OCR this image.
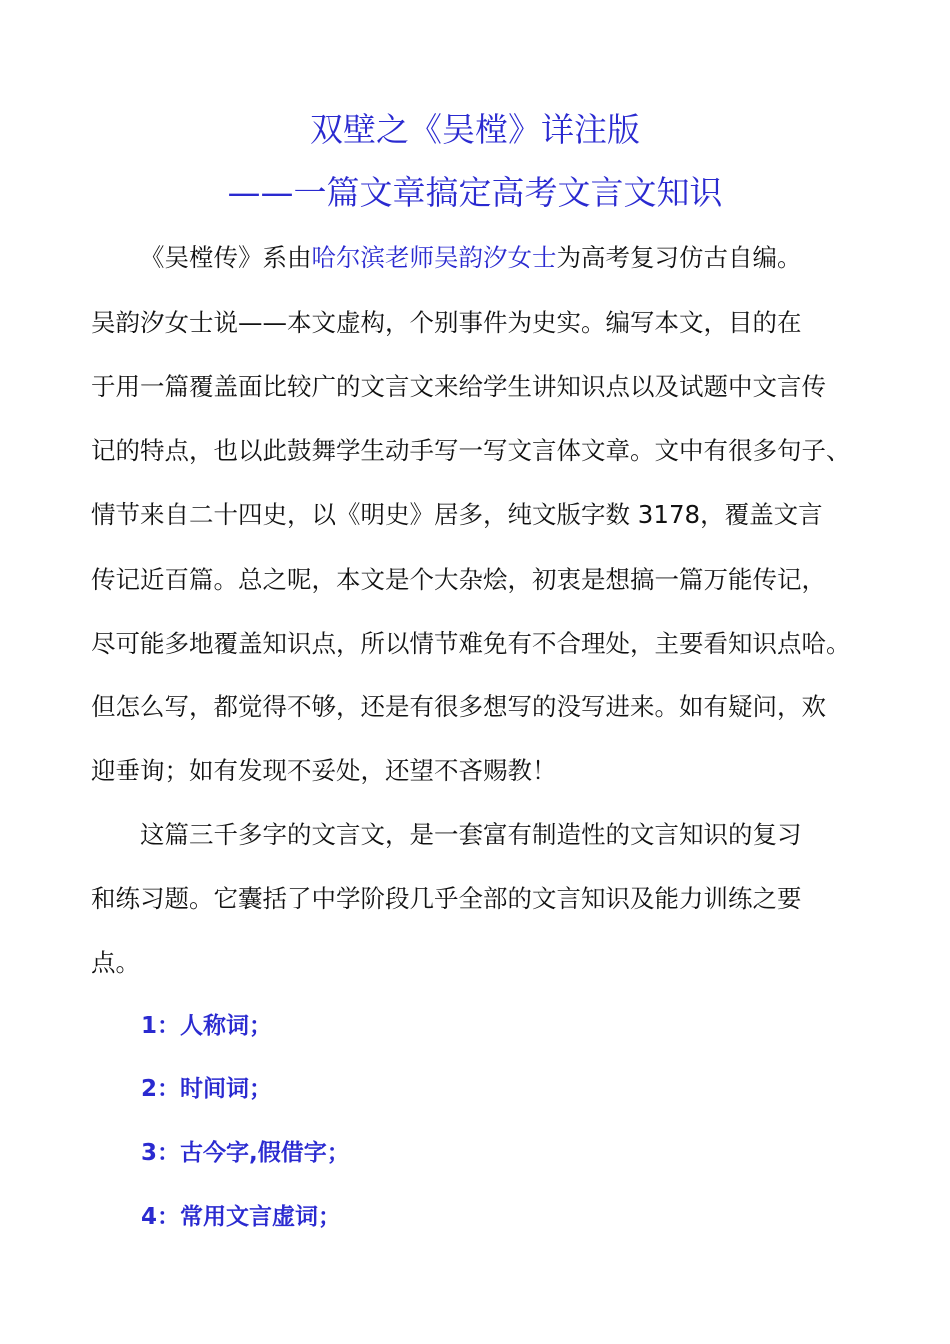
双壁之《吴樘》详注版
——一篇文章搞定高考文言文知识
《吴樘传》系由哈尔滨老师吴韵汐女士为高考复习仿古自编。
吴韵汐女士说——本文虚构，个别事件为史实。编写本文，目的在
于用一篇覆盖面比较广的文言文来给学生讲知识点以及试题中文言传
记的特点，也以此鼓舞学生动手写一写文言体文章。文中有很多句子、
情节来自二十四史，以《明史》居多，纯文版字数 3178，覆盖文言
传记近百篇。总之呢，本文是个大杂烩，初衷是想搞一篇万能传记，
尽可能多地覆盖知识点，所以情节难免有不合理处，主要看知识点哈。
但怎么写，都觉得不够，还是有很多想写的没写进来。如有疑问，欢
迎垂询；如有发现不妥处，还望不吝赐教！
这篇三千多字的文言文，是一套富有制造性的文言知识的复习
和练习题。它囊括了中学阶段几乎全部的文言知识及能力训练之要
点。
1：人称词；
2：时间词；
3：古今字,假借字；
4：常用文言虚词；
